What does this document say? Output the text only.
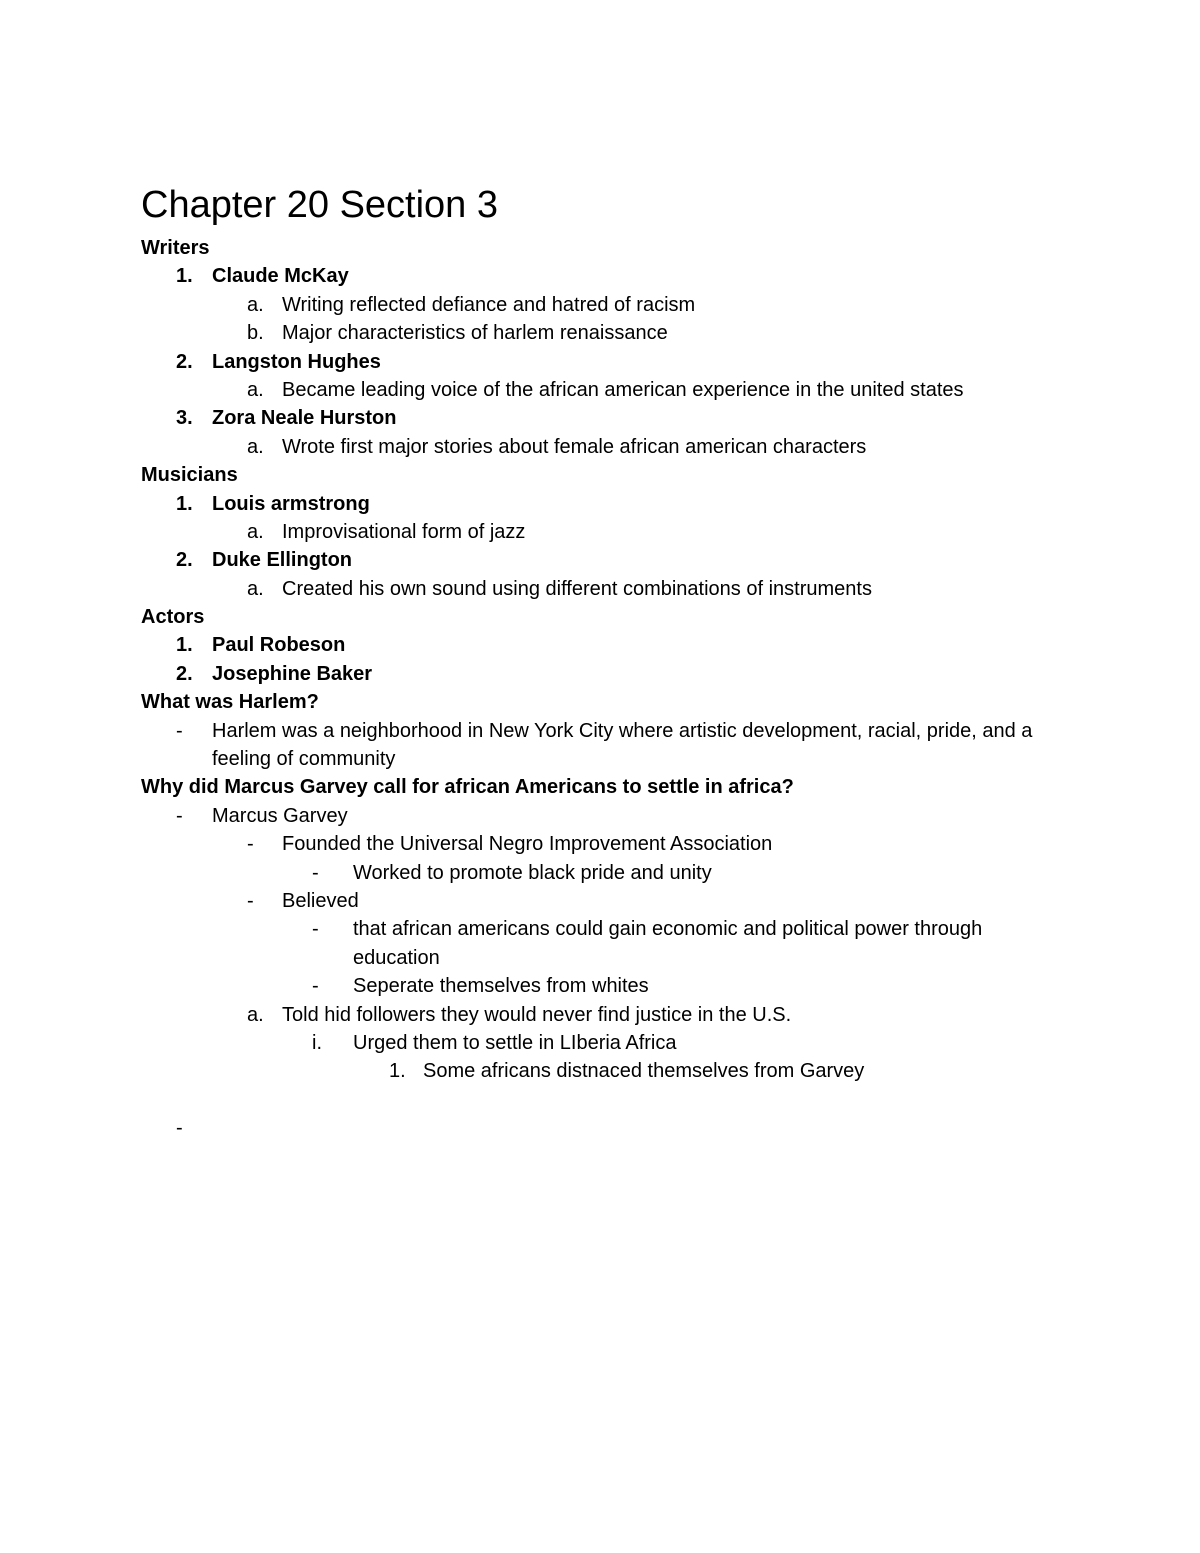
Chapter 20 Section 3
Writers
1. Claude McKay
a. Writing reflected defiance and hatred of racism
b. Major characteristics of harlem renaissance
2. Langston Hughes
a. Became leading voice of the african american experience in the united states
3. Zora Neale Hurston
a. Wrote first major stories about female african american characters
Musicians
1. Louis armstrong
a. Improvisational form of jazz
2. Duke Ellington
a. Created his own sound using different combinations of instruments
Actors
1. Paul Robeson
2. Josephine Baker
What was Harlem?
- Harlem was a neighborhood in New York City where artistic development, racial, pride, and a feeling of community
Why did Marcus Garvey call for african Americans to settle in africa?
- Marcus Garvey
- Founded the Universal Negro Improvement Association
- Worked to promote black pride and unity
- Believed
- that african americans could gain economic and political power through education
- Seperate themselves from whites
a. Told hid followers they would never find justice in the U.S.
i. Urged them to settle in LIberia Africa
1. Some africans distnaced themselves from Garvey
-
